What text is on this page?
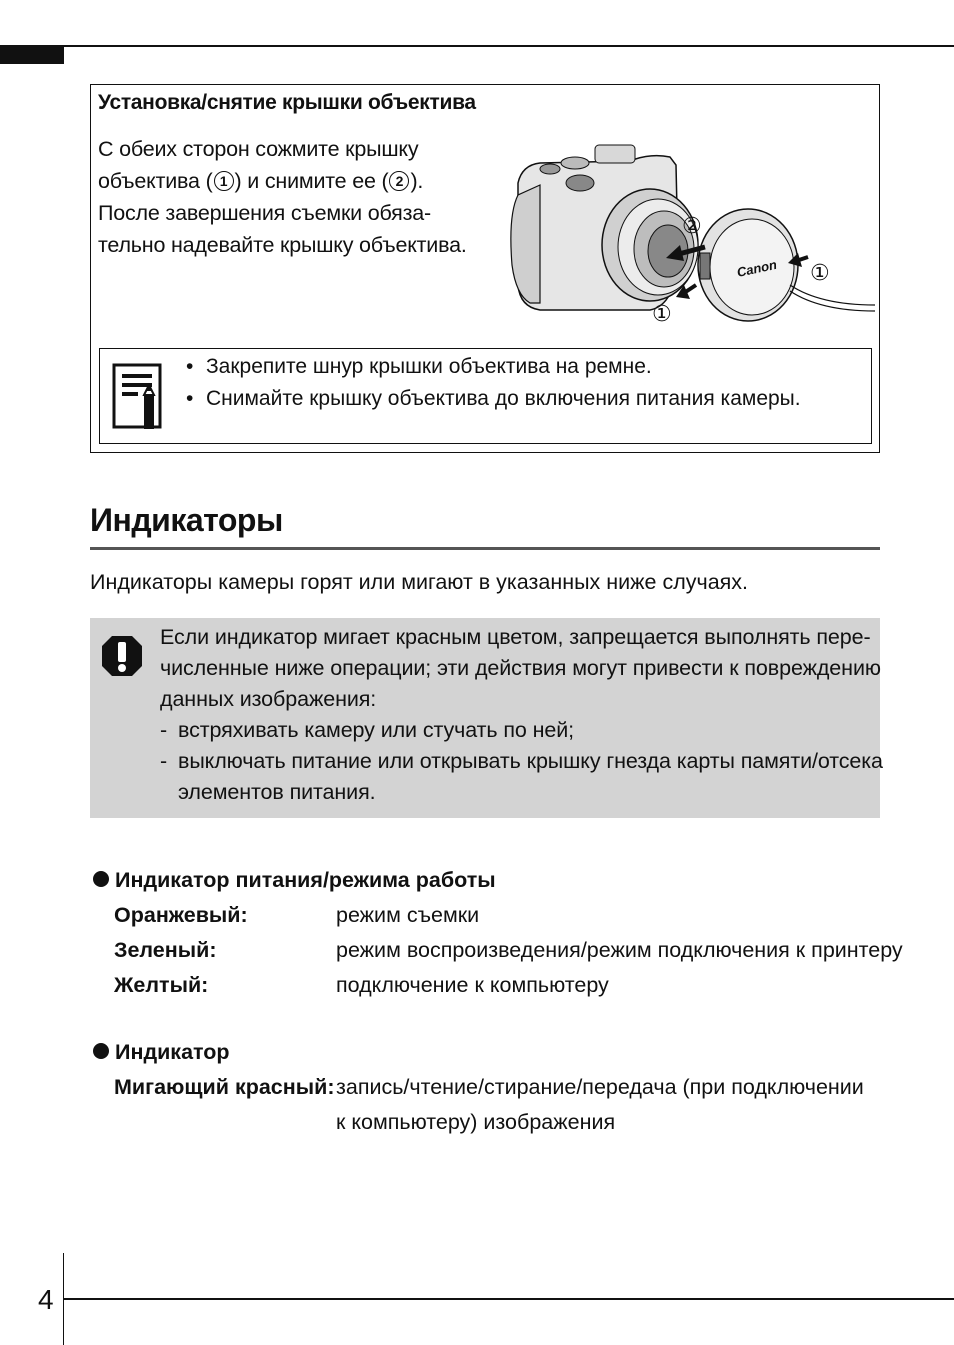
Установка/снятие крышки объектива

С обеих сторон сожмите крышку

объектива ( 1 ) и снимите ее ( 2 ).

После завершения съемки обяза-

тельно надевайте крышку объектива.

• Закрепите шнур крышки объектива на ремне.
• Снимайте крышку объектива до включения питания камеры.
Canon
②
①
①
Индикаторы
Индикаторы камеры горят или мигают в указанных ниже случаях.

Если индикатор мигает красным цветом, запрещается выполнять пере-

численные ниже операции; эти действия могут привести к повреждению

данных изображения:

- встряхивать камеру или стучать по ней;
- выключать питание или открывать крышку гнезда карты памяти/отсека
элементов питания.
Индикатор питания/режима работы
Оранжевый:	режим съемки
Зеленый:	режим воспроизведения/режим подключения к принтеру
Желтый:	подключение к компьютеру
Индикатор
Мигающий красный: запись/чтение/стирание/передача (при подключении
к компьютеру) изображения
4
